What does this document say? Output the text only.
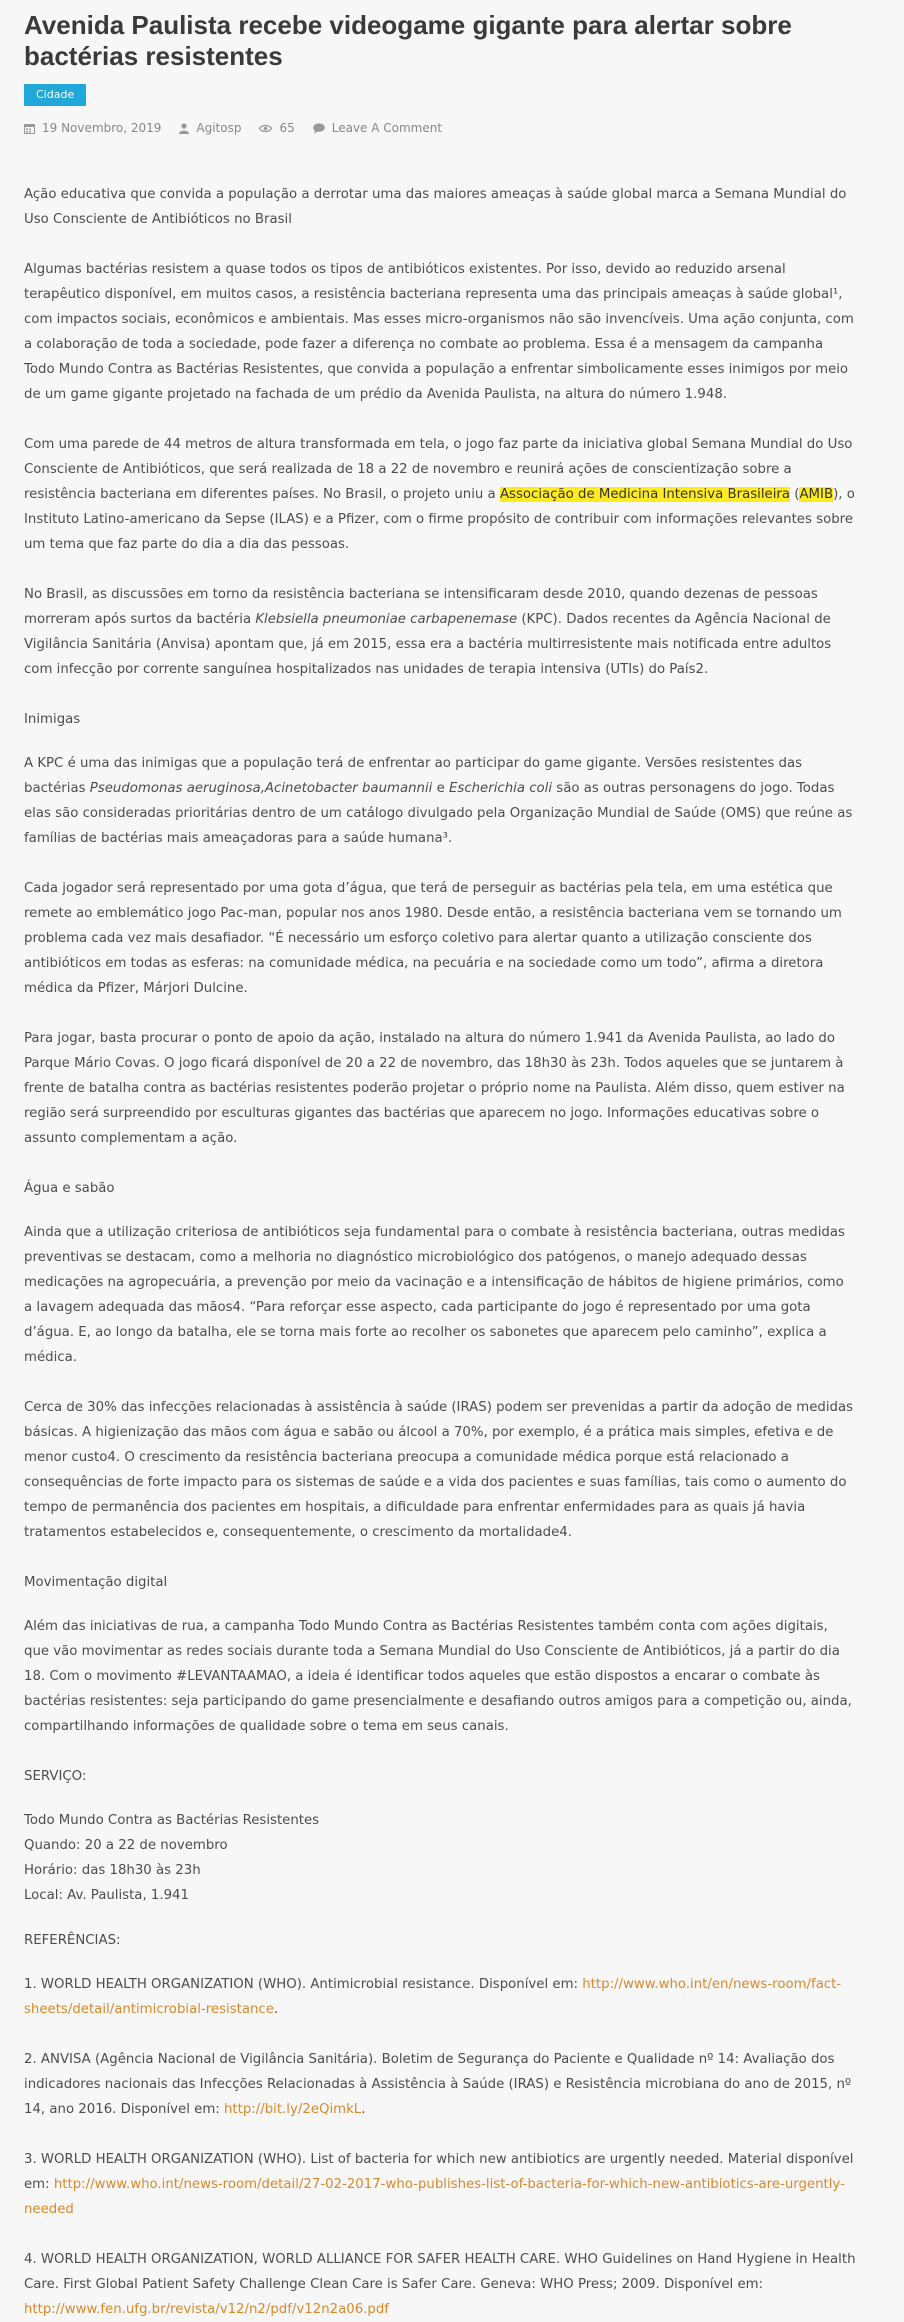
Avenida Paulista recebe videogame gigante para alertar sobre bactérias resistentes
Cidade
19 Novembro, 2019	Agitosp	65	Leave A Comment

Ação educativa que convida a população a derrotar uma das maiores ameaças à saúde global marca a Semana Mundial do Uso Consciente de Antibióticos no Brasil

Algumas bactérias resistem a quase todos os tipos de antibióticos existentes. Por isso, devido ao reduzido arsenal terapêutico disponível, em muitos casos, a resistência bacteriana representa uma das principais ameaças à saúde global¹, com impactos sociais, econômicos e ambientais. Mas esses micro-organismos não são invencíveis. Uma ação conjunta, com a colaboração de toda a sociedade, pode fazer a diferença no combate ao problema. Essa é a mensagem da campanha Todo Mundo Contra as Bactérias Resistentes, que convida a população a enfrentar simbolicamente esses inimigos por meio de um game gigante projetado na fachada de um prédio da Avenida Paulista, na altura do número 1.948.

Com uma parede de 44 metros de altura transformada em tela, o jogo faz parte da iniciativa global Semana Mundial do Uso Consciente de Antibióticos, que será realizada de 18 a 22 de novembro e reunirá ações de conscientização sobre a resistência bacteriana em diferentes países. No Brasil, o projeto uniu a Associação de Medicina Intensiva Brasileira (AMIB), o Instituto Latino-americano da Sepse (ILAS) e a Pfizer, com o firme propósito de contribuir com informações relevantes sobre um tema que faz parte do dia a dia das pessoas.

No Brasil, as discussões em torno da resistência bacteriana se intensificaram desde 2010, quando dezenas de pessoas morreram após surtos da bactéria Klebsiella pneumoniae carbapenemase (KPC). Dados recentes da Agência Nacional de Vigilância Sanitária (Anvisa) apontam que, já em 2015, essa era a bactéria multirresistente mais notificada entre adultos com infecção por corrente sanguínea hospitalizados nas unidades de terapia intensiva (UTIs) do País2.

Inimigas

A KPC é uma das inimigas que a população terá de enfrentar ao participar do game gigante. Versões resistentes das bactérias Pseudomonas aeruginosa,Acinetobacter baumannii e Escherichia coli são as outras personagens do jogo. Todas elas são consideradas prioritárias dentro de um catálogo divulgado pela Organização Mundial de Saúde (OMS) que reúne as famílias de bactérias mais ameaçadoras para a saúde humana³.

Cada jogador será representado por uma gota d’água, que terá de perseguir as bactérias pela tela, em uma estética que remete ao emblemático jogo Pac-man, popular nos anos 1980. Desde então, a resistência bacteriana vem se tornando um problema cada vez mais desafiador. “É necessário um esforço coletivo para alertar quanto a utilização consciente dos antibióticos em todas as esferas: na comunidade médica, na pecuária e na sociedade como um todo”, afirma a diretora médica da Pfizer, Márjori Dulcine.

Para jogar, basta procurar o ponto de apoio da ação, instalado na altura do número 1.941 da Avenida Paulista, ao lado do Parque Mário Covas. O jogo ficará disponível de 20 a 22 de novembro, das 18h30 às 23h. Todos aqueles que se juntarem à frente de batalha contra as bactérias resistentes poderão projetar o próprio nome na Paulista. Além disso, quem estiver na região será surpreendido por esculturas gigantes das bactérias que aparecem no jogo. Informações educativas sobre o assunto complementam a ação.

Água e sabão

Ainda que a utilização criteriosa de antibióticos seja fundamental para o combate à resistência bacteriana, outras medidas preventivas se destacam, como a melhoria no diagnóstico microbiológico dos patógenos, o manejo adequado dessas medicações na agropecuária, a prevenção por meio da vacinação e a intensificação de hábitos de higiene primários, como a lavagem adequada das mãos4. “Para reforçar esse aspecto, cada participante do jogo é representado por uma gota d’água. E, ao longo da batalha, ele se torna mais forte ao recolher os sabonetes que aparecem pelo caminho”, explica a médica.

Cerca de 30% das infecções relacionadas à assistência à saúde (IRAS) podem ser prevenidas a partir da adoção de medidas básicas. A higienização das mãos com água e sabão ou álcool a 70%, por exemplo, é a prática mais simples, efetiva e de menor custo4. O crescimento da resistência bacteriana preocupa a comunidade médica porque está relacionado a consequências de forte impacto para os sistemas de saúde e a vida dos pacientes e suas famílias, tais como o aumento do tempo de permanência dos pacientes em hospitais, a dificuldade para enfrentar enfermidades para as quais já havia tratamentos estabelecidos e, consequentemente, o crescimento da mortalidade4.

Movimentação digital

Além das iniciativas de rua, a campanha Todo Mundo Contra as Bactérias Resistentes também conta com ações digitais, que vão movimentar as redes sociais durante toda a Semana Mundial do Uso Consciente de Antibióticos, já a partir do dia 18. Com o movimento #LEVANTAAMAO, a ideia é identificar todos aqueles que estão dispostos a encarar o combate às bactérias resistentes: seja participando do game presencialmente e desafiando outros amigos para a competição ou, ainda, compartilhando informações de qualidade sobre o tema em seus canais.

SERVIÇO:

Todo Mundo Contra as Bactérias Resistentes
Quando: 20 a 22 de novembro
Horário: das 18h30 às 23h
Local: Av. Paulista, 1.941

REFERÊNCIAS:

1. WORLD HEALTH ORGANIZATION (WHO). Antimicrobial resistance. Disponível em: http://www.who.int/en/news-room/fact-sheets/detail/antimicrobial-resistance.

2. ANVISA (Agência Nacional de Vigilância Sanitária). Boletim de Segurança do Paciente e Qualidade nº 14: Avaliação dos indicadores nacionais das Infecções Relacionadas à Assistência à Saúde (IRAS) e Resistência microbiana do ano de 2015, nº 14, ano 2016. Disponível em: http://bit.ly/2eQimkL.

3. WORLD HEALTH ORGANIZATION (WHO). List of bacteria for which new antibiotics are urgently needed. Material disponível em: http://www.who.int/news-room/detail/27-02-2017-who-publishes-list-of-bacteria-for-which-new-antibiotics-are-urgently-needed

4. WORLD HEALTH ORGANIZATION, WORLD ALLIANCE FOR SAFER HEALTH CARE. WHO Guidelines on Hand Hygiene in Health Care. First Global Patient Safety Challenge Clean Care is Safer Care. Geneva: WHO Press; 2009. Disponível em: http://www.fen.ufg.br/revista/v12/n2/pdf/v12n2a06.pdf
